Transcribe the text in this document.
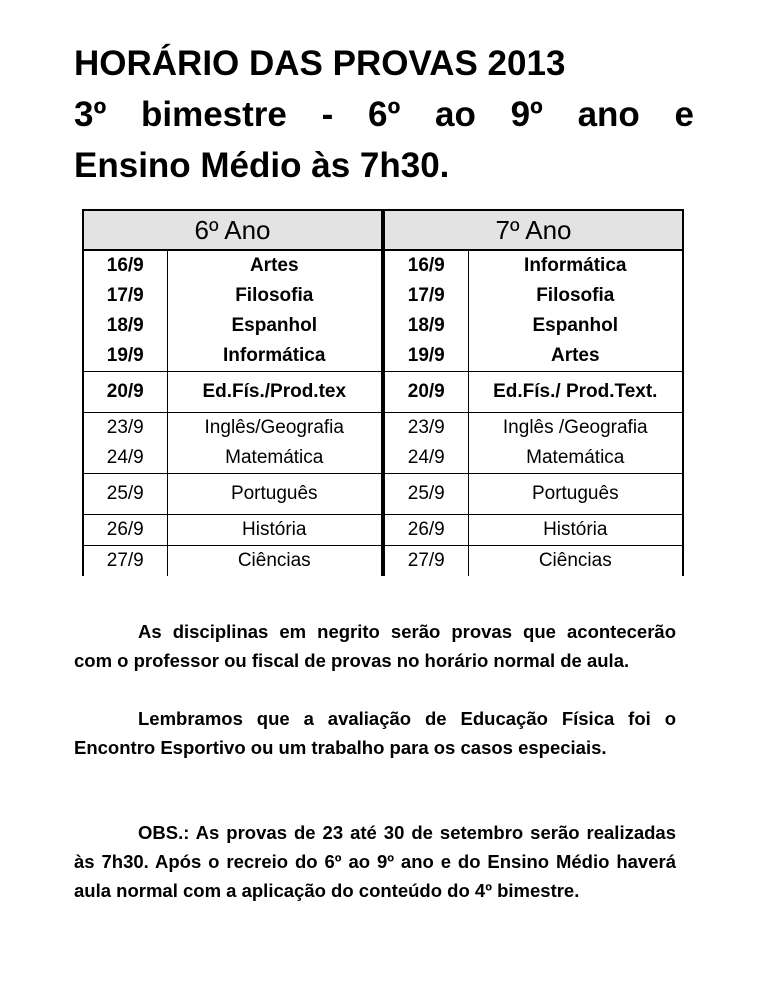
HORÁRIO DAS PROVAS 2013
3º bimestre - 6º ao 9º ano e
Ensino Médio às 7h30.
6º Ano		7º Ano	
16/9	Artes	16/9	Informática
17/9	Filosofia	17/9	Filosofia
18/9	Espanhol	18/9	Espanhol
19/9	Informática	19/9	Artes
20/9	Ed.Fís./Prod.tex	20/9	Ed.Fís./ Prod.Text.
23/9	Inglês/Geografia	23/9	Inglês /Geografia
24/9	Matemática	24/9	Matemática
25/9	Português	25/9	Português
26/9	História	26/9	História
27/9	Ciências	27/9	Ciências
As disciplinas em negrito serão provas que acontecerão com o professor ou fiscal de provas no horário normal de aula.
Lembramos que a avaliação de Educação Física foi o Encontro Esportivo ou um trabalho para os casos especiais.
OBS.: As provas de 23 até 30 de setembro serão realizadas às 7h30. Após o recreio do 6º ao 9º ano e do Ensino Médio haverá aula normal com a aplicação do conteúdo do 4º bimestre.
